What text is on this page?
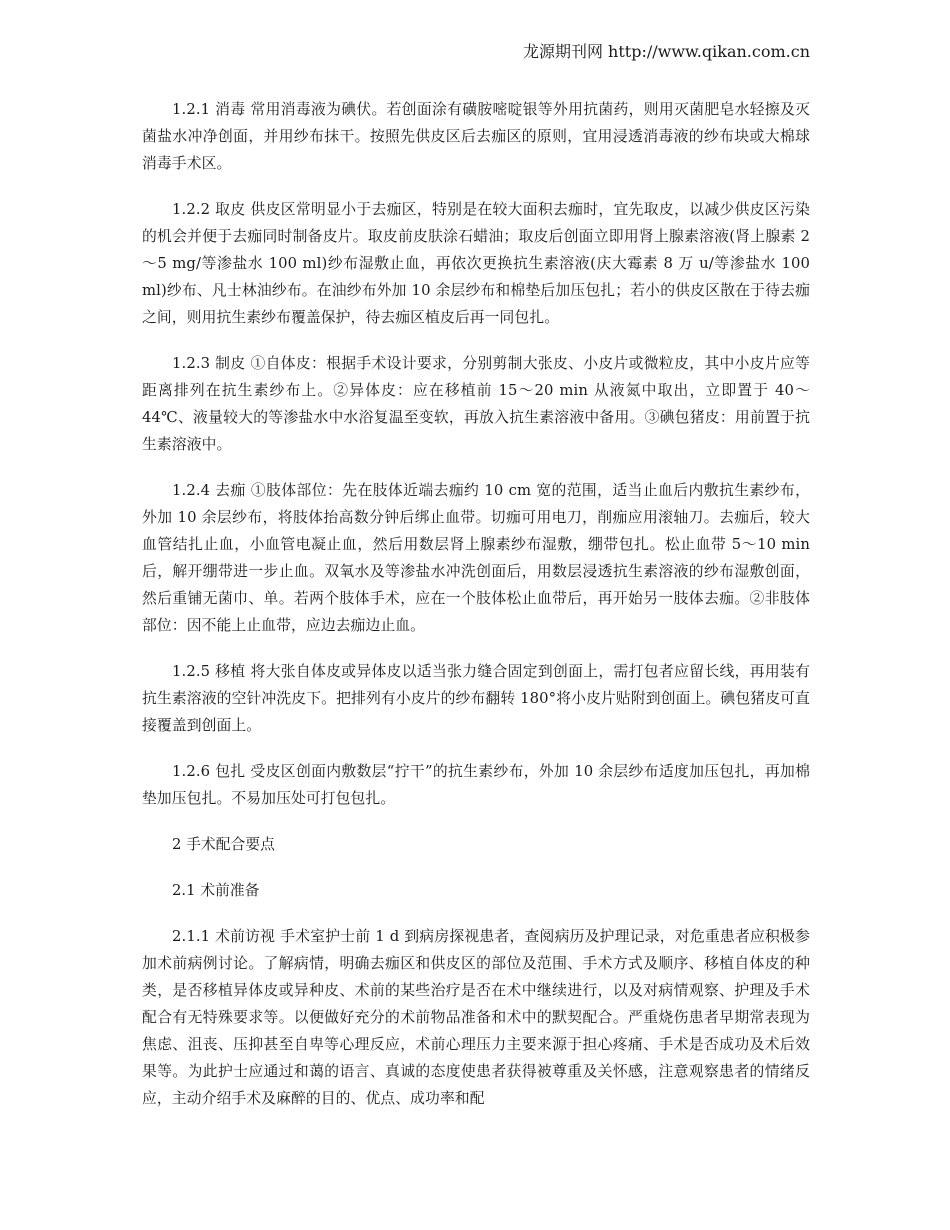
龙源期刊网 http://www.qikan.com.cn

1.2.1 消毒 常用消毒液为碘伏。若创面涂有磺胺嘧啶银等外用抗菌药，则用灭菌肥皂水轻擦及灭菌盐水冲净创面，并用纱布抹干。按照先供皮区后去痂区的原则，宜用浸透消毒液的纱布块或大棉球消毒手术区。

1.2.2 取皮 供皮区常明显小于去痂区，特别是在较大面积去痂时，宜先取皮，以减少供皮区污染的机会并便于去痂同时制备皮片。取皮前皮肤涂石蜡油；取皮后创面立即用肾上腺素溶液(肾上腺素 2～5 mg/等渗盐水 100 ml)纱布湿敷止血，再依次更换抗生素溶液(庆大霉素 8 万 u/等渗盐水 100 ml)纱布、凡士林油纱布。在油纱布外加 10 余层纱布和棉垫后加压包扎；若小的供皮区散在于待去痂之间，则用抗生素纱布覆盖保护，待去痂区植皮后再一同包扎。

1.2.3 制皮 ①自体皮：根据手术设计要求，分别剪制大张皮、小皮片或微粒皮，其中小皮片应等距离排列在抗生素纱布上。②异体皮：应在移植前 15～20 min 从液氮中取出，立即置于 40～44℃、液量较大的等渗盐水中水浴复温至变软，再放入抗生素溶液中备用。③碘包猪皮：用前置于抗生素溶液中。

1.2.4 去痂 ①肢体部位：先在肢体近端去痂约 10 cm 宽的范围，适当止血后内敷抗生素纱布，外加 10 余层纱布，将肢体抬高数分钟后绑止血带。切痂可用电刀，削痂应用滚轴刀。去痂后，较大血管结扎止血，小血管电凝止血，然后用数层肾上腺素纱布湿敷，绷带包扎。松止血带 5～10 min 后，解开绷带进一步止血。双氧水及等渗盐水冲洗创面后，用数层浸透抗生素溶液的纱布湿敷创面，然后重铺无菌巾、单。若两个肢体手术，应在一个肢体松止血带后，再开始另一肢体去痂。②非肢体部位：因不能上止血带，应边去痂边止血。

1.2.5 移植 将大张自体皮或异体皮以适当张力缝合固定到创面上，需打包者应留长线，再用装有抗生素溶液的空针冲洗皮下。把排列有小皮片的纱布翻转 180°将小皮片贴附到创面上。碘包猪皮可直接覆盖到创面上。

1.2.6 包扎 受皮区创面内敷数层“拧干”的抗生素纱布，外加 10 余层纱布适度加压包扎，再加棉垫加压包扎。不易加压处可打包包扎。

2 手术配合要点

2.1 术前准备

2.1.1 术前访视 手术室护士前 1 d 到病房探视患者，查阅病历及护理记录，对危重患者应积极参加术前病例讨论。了解病情，明确去痂区和供皮区的部位及范围、手术方式及顺序、移植自体皮的种类，是否移植异体皮或异种皮、术前的某些治疗是否在术中继续进行，以及对病情观察、护理及手术配合有无特殊要求等。以便做好充分的术前物品准备和术中的默契配合。严重烧伤患者早期常表现为焦虑、沮丧、压抑甚至自卑等心理反应，术前心理压力主要来源于担心疼痛、手术是否成功及术后效果等。为此护士应通过和蔼的语言、真诚的态度使患者获得被尊重及关怀感，注意观察患者的情绪反应，主动介绍手术及麻醉的目的、优点、成功率和配
